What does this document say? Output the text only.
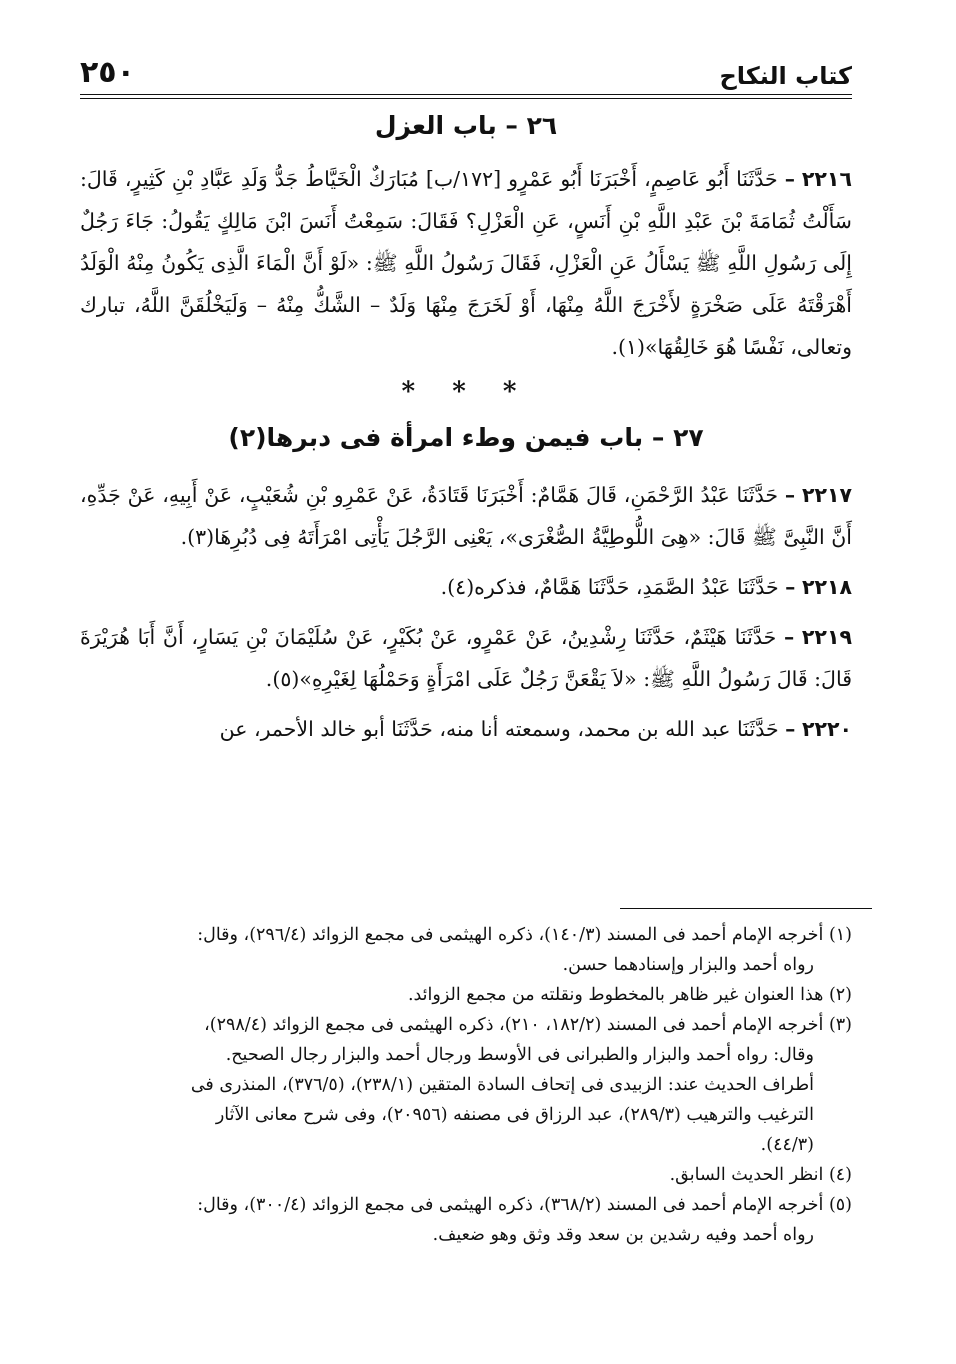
كتاب النكاح
٢٥٠
٢٦ – باب العزل

٢٢١٦ – حَدَّثَنَا أَبُو عَاصِمٍ، أَخْبَرَنَا أَبُو عَمْرٍو [١٧٢/ب] مُبَارَكٌ الْخَيَّاطُ جَدُّ وَلَدِ عَبَّادِ بْنِ كَثِيرٍ، قَالَ: سَأَلْتُ ثُمَامَةَ بْنَ عَبْدِ اللَّهِ بْنِ أَنَسٍ، عَنِ الْعَزْلِ؟ فَقَالَ: سَمِعْتُ أَنَسَ ابْنَ مَالِكٍ يَقُولُ: جَاءَ رَجُلٌ إِلَى رَسُولِ اللَّهِ ﷺ يَسْأَلُ عَنِ الْعَزْلِ، فَقَالَ رَسُولُ اللَّهِ ﷺ: «لَوْ أَنَّ الْمَاءَ الَّذِى يَكُونُ مِنْهُ الْوَلَدُ أَهْرَقْتَهُ عَلَى صَخْرَةٍ لأَخْرَجَ اللَّهُ مِنْهَا، أَوْ لَخَرَجَ مِنْهَا وَلَدٌ – الشَّكُّ مِنْهُ – وَلَيَخْلُقَنَّ اللَّهُ، تبارك وتعالى، نَفْسًا هُوَ خَالِقُهَا»(١).

* * *
٢٧ – باب فيمن وطء امرأة فى دبرها(٢)

٢٢١٧ – حَدَّثَنَا عَبْدُ الرَّحْمَنِ، قَالَ هَمَّامٌ: أَخْبَرَنَا قَتَادَةُ، عَنْ عَمْرِو بْنِ شُعَيْبٍ، عَنْ أَبِيهِ، عَنْ جَدِّهِ، أَنَّ النَّبِىَّ ﷺ قَالَ: «هِىَ اللُّوطِيَّةُ الصُّغْرَى»، يَعْنِى الرَّجُلَ يَأْتِى امْرَأَتَهُ فِى دُبُرِهَا(٣).

٢٢١٨ – حَدَّثَنَا عَبْدُ الصَّمَدِ، حَدَّثَنَا هَمَّامٌ، فذكره(٤).

٢٢١٩ – حَدَّثَنَا هَيْثَمٌ، حَدَّثَنَا رِشْدِينُ، عَنْ عَمْرٍو، عَنْ بُكَيْرٍ، عَنْ سُلَيْمَانَ بْنِ يَسَارٍ، أَنَّ أَبَا هُرَيْرَةَ قَالَ: قَالَ رَسُولُ اللَّهِ ﷺ: «لاَ يَقْعَنَّ رَجُلٌ عَلَى امْرَأَةٍ وَحَمْلُهَا لِغَيْرِهِ»(٥).

٢٢٢٠ – حَدَّثَنَا عبد الله بن محمد، وسمعته أنا منه، حَدَّثَنَا أبو خالد الأحمر، عن

(١) أخرجه الإمام أحمد فى المسند (١٤٠/٣)، ذكره الهيثمى فى مجمع الزوائد (٢٩٦/٤)، وقال:

رواه أحمد والبزار وإسنادهما حسن.

(٢) هذا العنوان غير ظاهر بالمخطوط ونقلته من مجمع الزوائد.

(٣) أخرجه الإمام أحمد فى المسند (١٨٢/٢، ٢١٠)، ذكره الهيثمى فى مجمع الزوائد (٢٩٨/٤)،

وقال: رواه أحمد والبزار والطبرانى فى الأوسط ورجال أحمد والبزار رجال الصحيح.

أطراف الحديث عند: الزبيدى فى إتحاف السادة المتقين (٢٣٨/١)، (٣٧٦/٥)، المنذرى فى

الترغيب والترهيب (٢٨٩/٣)، عبد الرزاق فى مصنفه (٢٠٩٥٦)، وفى شرح معانى الآثار

(٤٤/٣).

(٤) انظر الحديث السابق.

(٥) أخرجه الإمام أحمد فى المسند (٣٦٨/٢)، ذكره الهيثمى فى مجمع الزوائد (٣٠٠/٤)، وقال:

رواه أحمد وفيه رشدين بن سعد وقد وثق وهو ضعيف.
